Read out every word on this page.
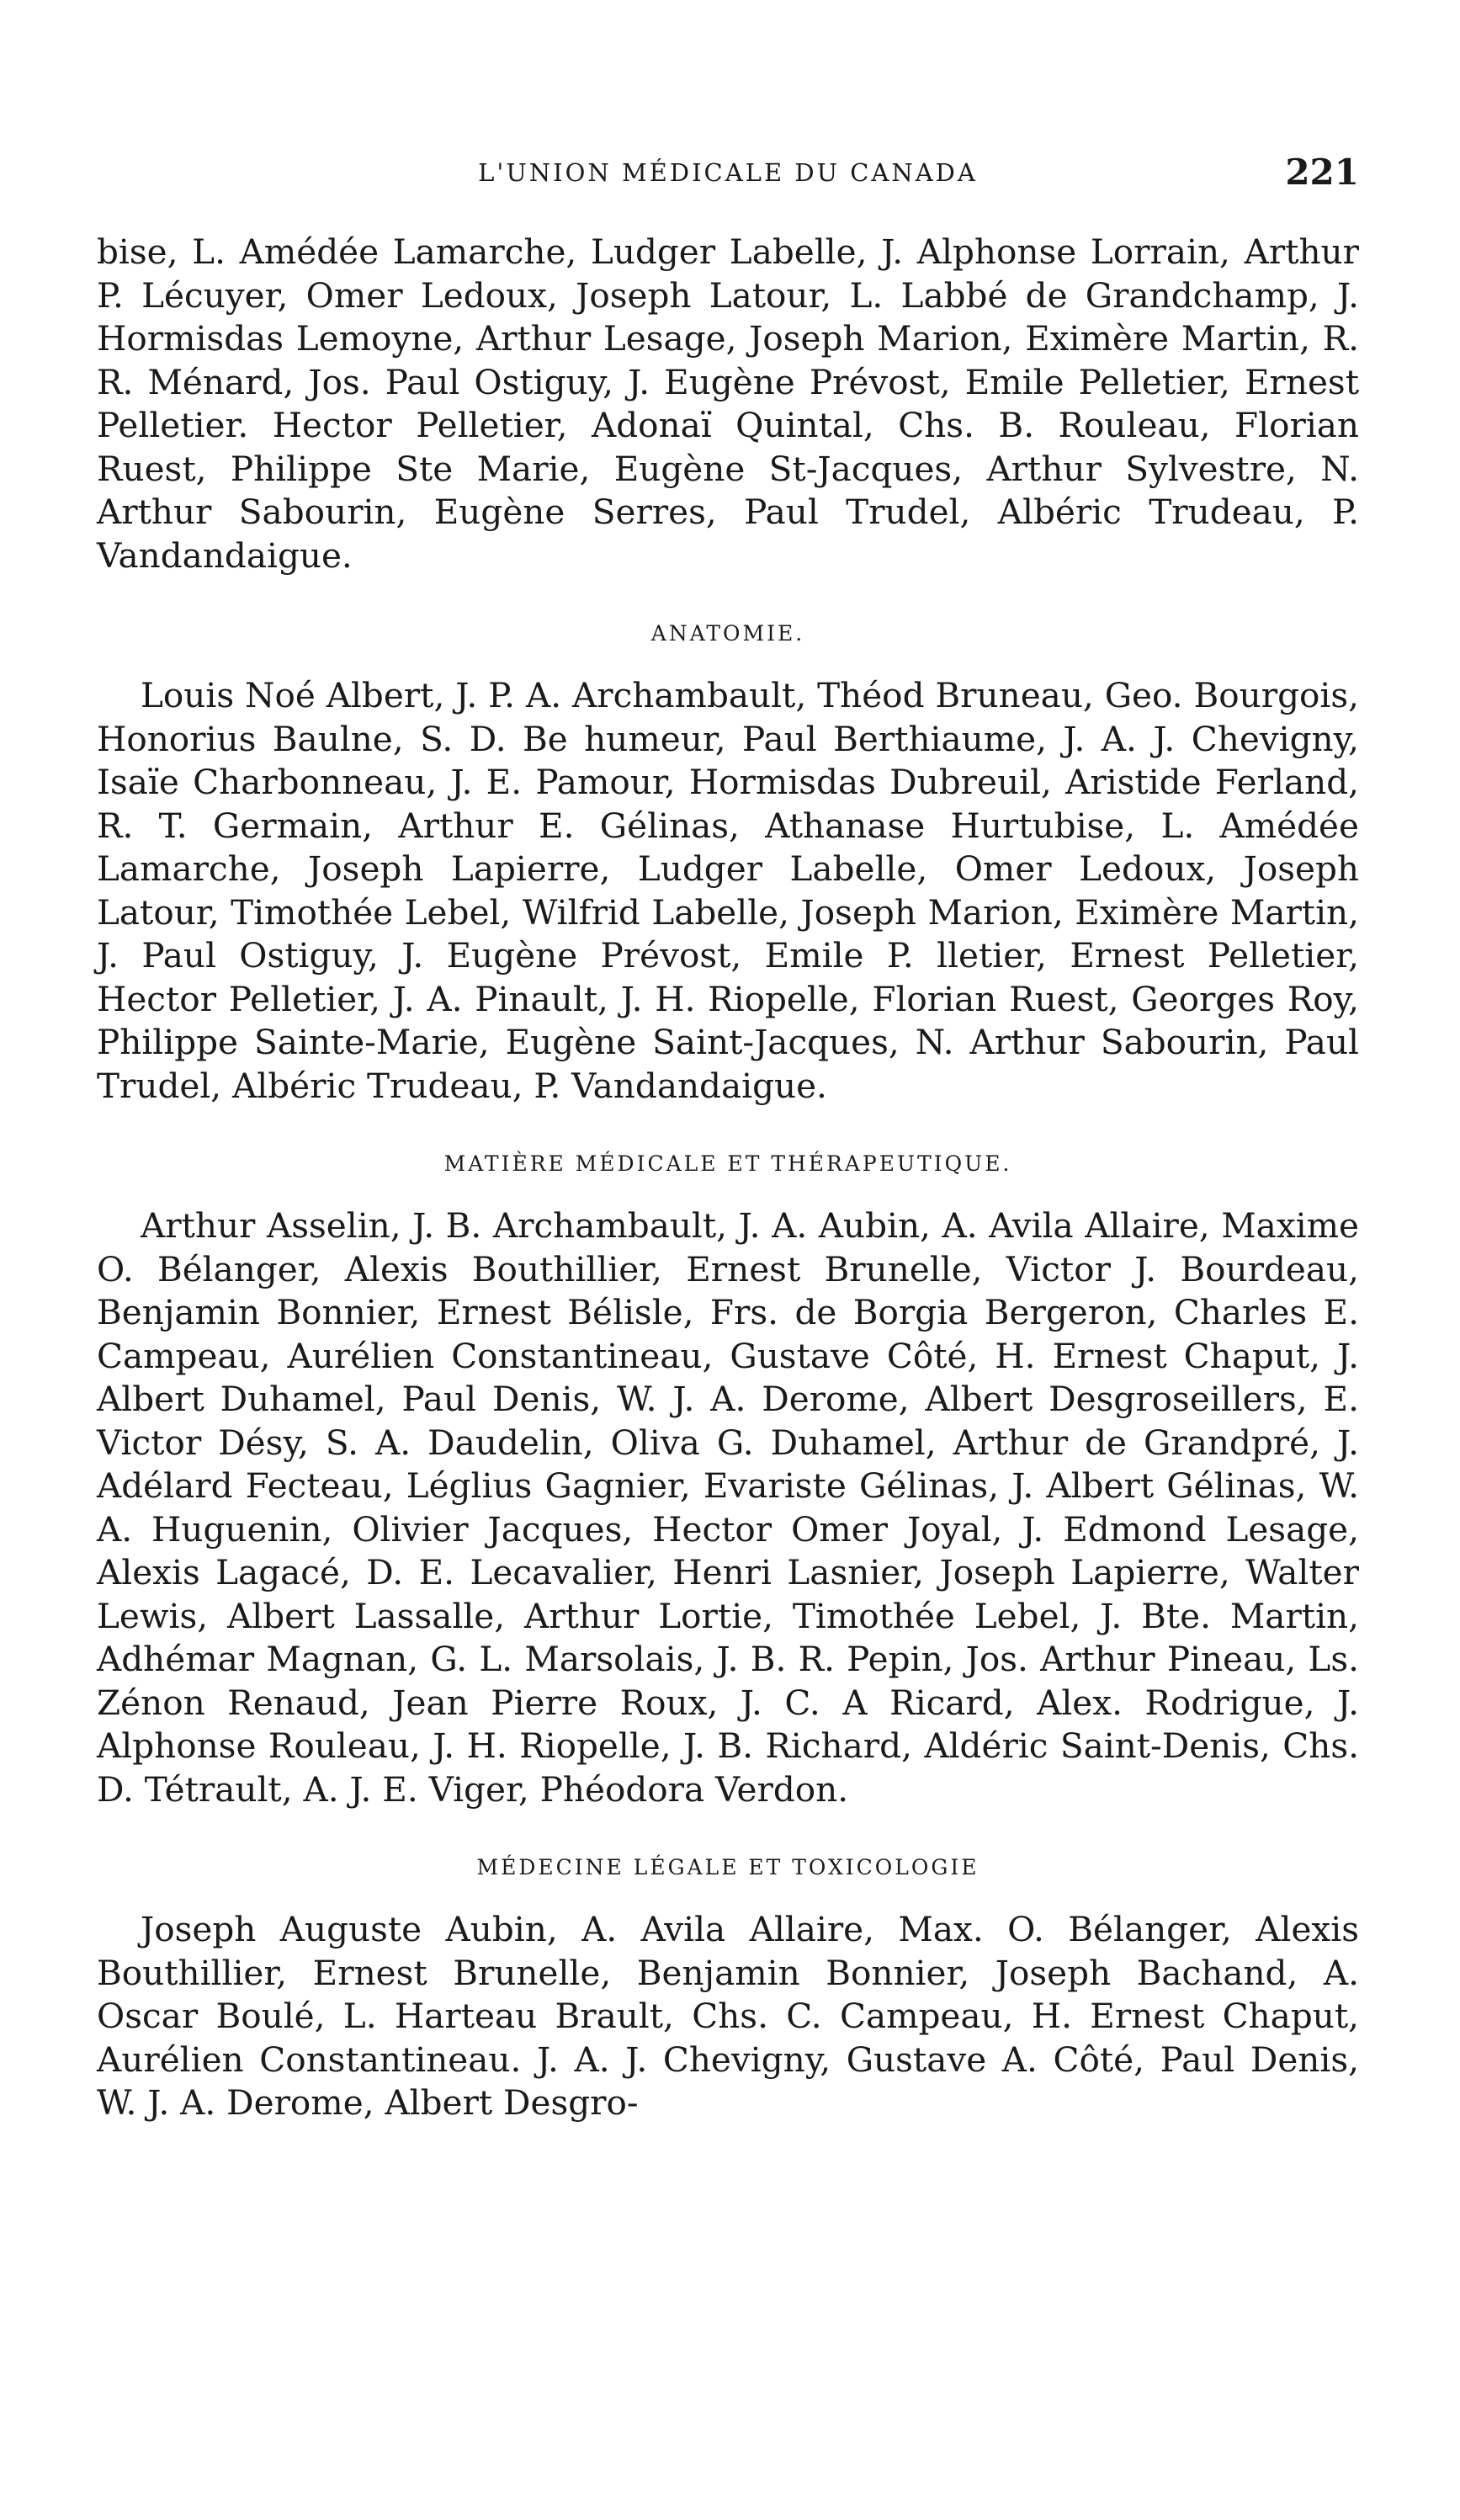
L'UNION MÉDICALE DU CANADA	221

bise, L. Amédée Lamarche, Ludger Labelle, J. Alphonse Lorrain, Arthur P. Lécuyer, Omer Ledoux, Joseph Latour, L. Labbé de Grandchamp, J. Hormisdas Lemoyne, Arthur Lesage, Joseph Marion, Eximère Martin, R. R. Ménard, Jos. Paul Ostiguy, J. Eugène Prévost, Emile Pelletier, Ernest Pelletier. Hector Pelletier, Adonaï Quintal, Chs. B. Rouleau, Florian Ruest, Philippe Ste Marie, Eugène St-Jacques, Arthur Sylvestre, N. Arthur Sabourin, Eugène Serres, Paul Trudel, Albéric Trudeau, P. Vandandaigue.

ANATOMIE.

Louis Noé Albert, J. P. A. Archambault, Théod Bruneau, Geo. Bourgois, Honorius Baulne, S. D. Be humeur, Paul Berthiaume, J. A. J. Chevigny, Isaïe Charbonneau, J. E. Pamour, Hormisdas Dubreuil, Aristide Ferland, R. T. Germain, Arthur E. Gélinas, Athanase Hurtubise, L. Amédée Lamarche, Joseph Lapierre, Ludger Labelle, Omer Ledoux, Joseph Latour, Timothée Lebel, Wilfrid Labelle, Joseph Marion, Eximère Martin, J. Paul Ostiguy, J. Eugène Prévost, Emile P. lletier, Ernest Pelletier, Hector Pelletier, J. A. Pinault, J. H. Riopelle, Florian Ruest, Georges Roy, Philippe Sainte-Marie, Eugène Saint-Jacques, N. Arthur Sabourin, Paul Trudel, Albéric Trudeau, P. Vandandaigue.

MATIÈRE MÉDICALE ET THÉRAPEUTIQUE.

Arthur Asselin, J. B. Archambault, J. A. Aubin, A. Avila Allaire, Maxime O. Bélanger, Alexis Bouthillier, Ernest Brunelle, Victor J. Bourdeau, Benjamin Bonnier, Ernest Bélisle, Frs. de Borgia Bergeron, Charles E. Campeau, Aurélien Constantineau, Gustave Côté, H. Ernest Chaput, J. Albert Duhamel, Paul Denis, W. J. A. Derome, Albert Desgroseillers, E. Victor Désy, S. A. Daudelin, Oliva G. Duhamel, Arthur de Grandpré, J. Adélard Fecteau, Léglius Gagnier, Evariste Gélinas, J. Albert Gélinas, W. A. Huguenin, Olivier Jacques, Hector Omer Joyal, J. Edmond Lesage, Alexis Lagacé, D. E. Lecavalier, Henri Lasnier, Joseph Lapierre, Walter Lewis, Albert Lassalle, Arthur Lortie, Timothée Lebel, J. Bte. Martin, Adhémar Magnan, G. L. Marsolais, J. B. R. Pepin, Jos. Arthur Pineau, Ls. Zénon Renaud, Jean Pierre Roux, J. C. A Ricard, Alex. Rodrigue, J. Alphonse Rouleau, J. H. Riopelle, J. B. Richard, Aldéric Saint-Denis, Chs. D. Tétrault, A. J. E. Viger, Phéodora Verdon.

MÉDECINE LÉGALE ET TOXICOLOGIE

Joseph Auguste Aubin, A. Avila Allaire, Max. O. Bélanger, Alexis Bouthillier, Ernest Brunelle, Benjamin Bonnier, Joseph Bachand, A. Oscar Boulé, L. Harteau Brault, Chs. C. Campeau, H. Ernest Chaput, Aurélien Constantineau. J. A. J. Chevigny, Gustave A. Côté, Paul Denis, W. J. A. Derome, Albert Desgro-
